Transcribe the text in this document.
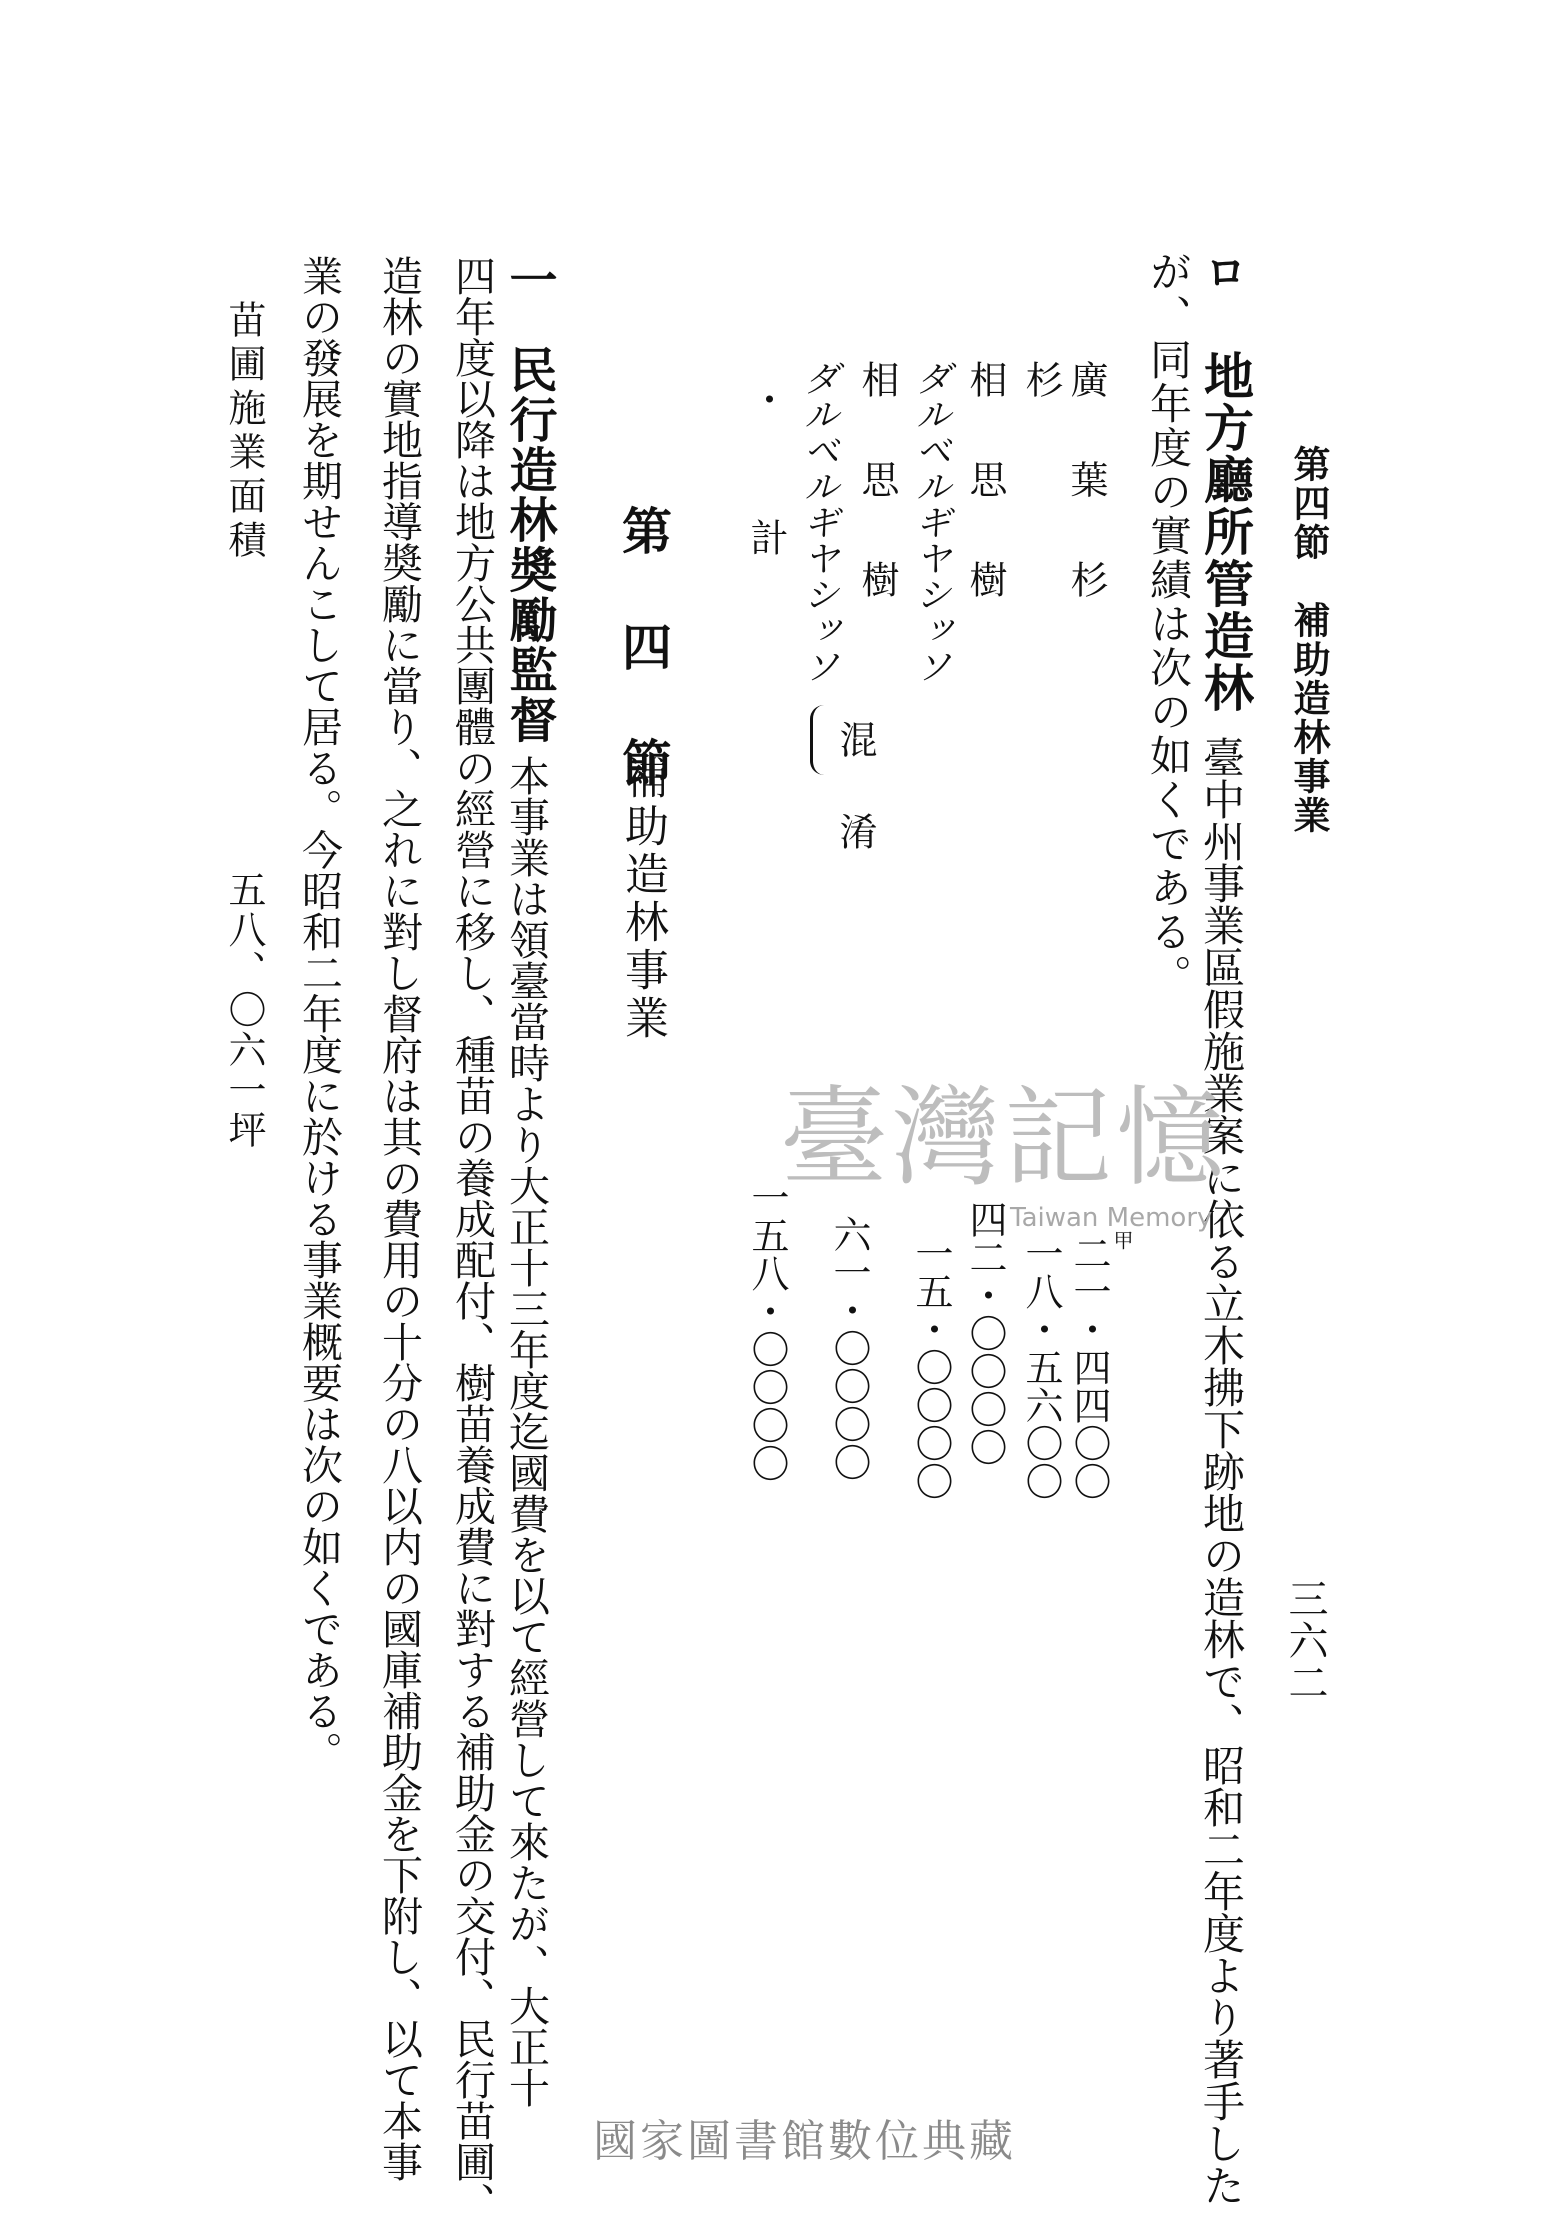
第四節　補助造林事業
三六二
ロ
地方廳所管造林
臺中州事業區假施業案に依る立木拂下跡地の造林で、昭和二年度より著手した
が、同年度の實績は次の如くである。
廣　葉　杉
杉
相　思　樹
ダルベルギヤシッソ
相　思　樹
ダルベルギヤシッソ
・　　計
混　淆
甲
二一・四四〇〇
一八・五六〇〇
一五・〇〇〇〇 四二・〇〇〇〇
六一・〇〇〇〇
一五八・〇〇〇〇
第　四　節
補助造林事業
一
民行造林奬勵監督
本事業は領臺當時より大正十三年度迄國費を以て經營して來たが、大正十
四年度以降は地方公共團體の經營に移し、種苗の養成配付、樹苗養成費に對する補助金の交付、民行苗圃、
造林の實地指導奬勵に當り、之れに對し督府は其の費用の十分の八以内の國庫補助金を下附し、以て本事
業の發展を期せんこして居る。今昭和二年度に於ける事業概要は次の如くである。
苗圃施業面積
五八、〇六一坪	臺灣記憶
Taiwan Memory
國家圖書館數位典藏
